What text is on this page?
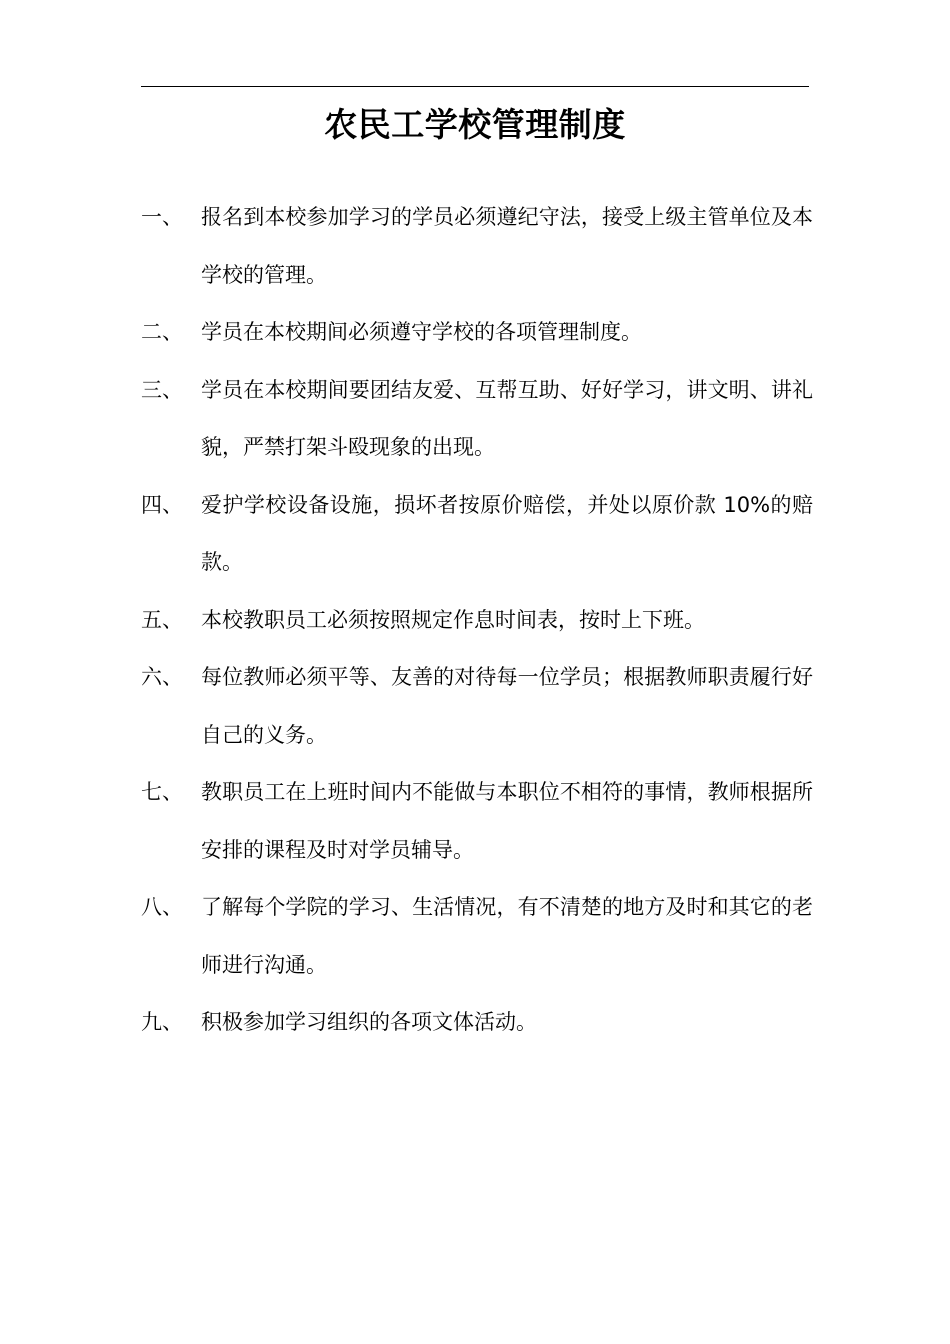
农民工学校管理制度
一、 报名到本校参加学习的学员必须遵纪守法，接受上级主管单位及本学校的管理。
二、 学员在本校期间必须遵守学校的各项管理制度。
三、 学员在本校期间要团结友爱、互帮互助、好好学习，讲文明、讲礼貌，严禁打架斗殴现象的出现。
四、 爱护学校设备设施，损坏者按原价赔偿，并处以原价款 10%的赔款。
五、 本校教职员工必须按照规定作息时间表，按时上下班。
六、 每位教师必须平等、友善的对待每一位学员；根据教师职责履行好自己的义务。
七、 教职员工在上班时间内不能做与本职位不相符的事情，教师根据所安排的课程及时对学员辅导。
八、 了解每个学院的学习、生活情况，有不清楚的地方及时和其它的老师进行沟通。
九、 积极参加学习组织的各项文体活动。
